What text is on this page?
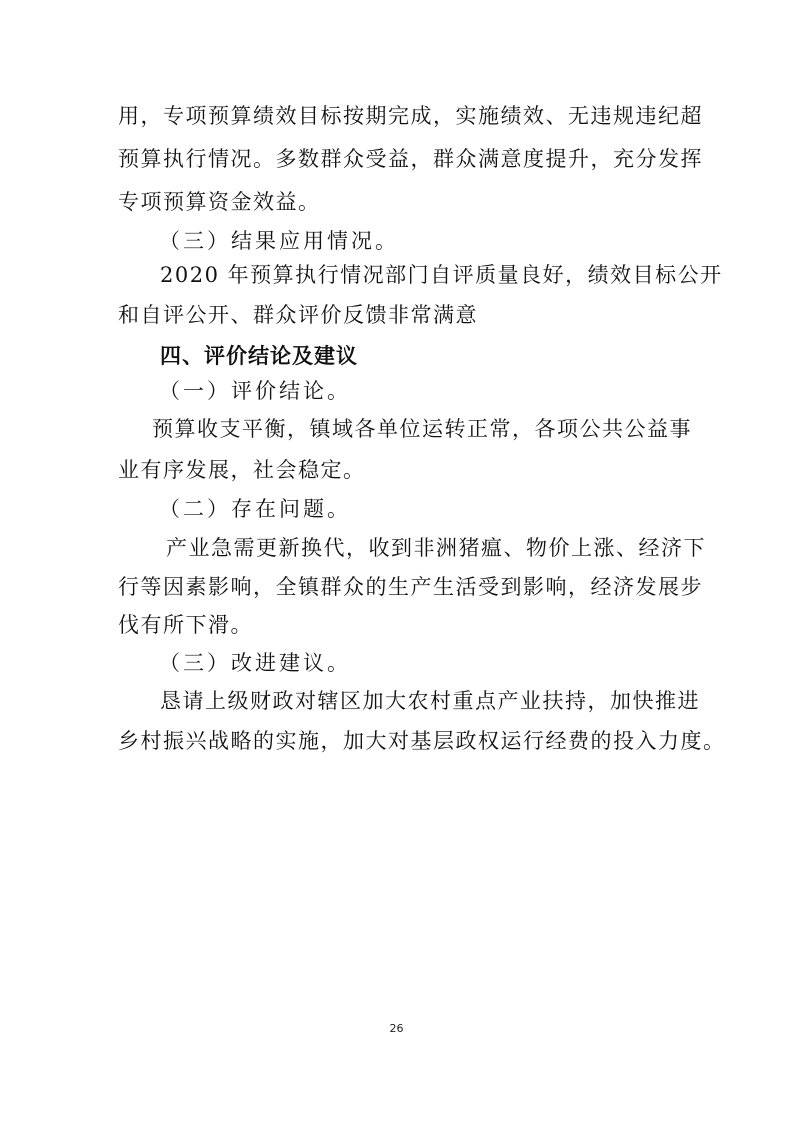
用，专项预算绩效目标按期完成，实施绩效、无违规违纪超
预算执行情况。多数群众受益，群众满意度提升，充分发挥
专项预算资金效益。
（三）结果应用情况。
2020 年预算执行情况部门自评质量良好，绩效目标公开
和自评公开、群众评价反馈非常满意
四、评价结论及建议
（一）评价结论。
预算收支平衡，镇域各单位运转正常，各项公共公益事
业有序发展，社会稳定。
（二）存在问题。
产业急需更新换代，收到非洲猪瘟、物价上涨、经济下
行等因素影响，全镇群众的生产生活受到影响，经济发展步
伐有所下滑。
（三）改进建议。
恳请上级财政对辖区加大农村重点产业扶持，加快推进
乡村振兴战略的实施，加大对基层政权运行经费的投入力度。
26
